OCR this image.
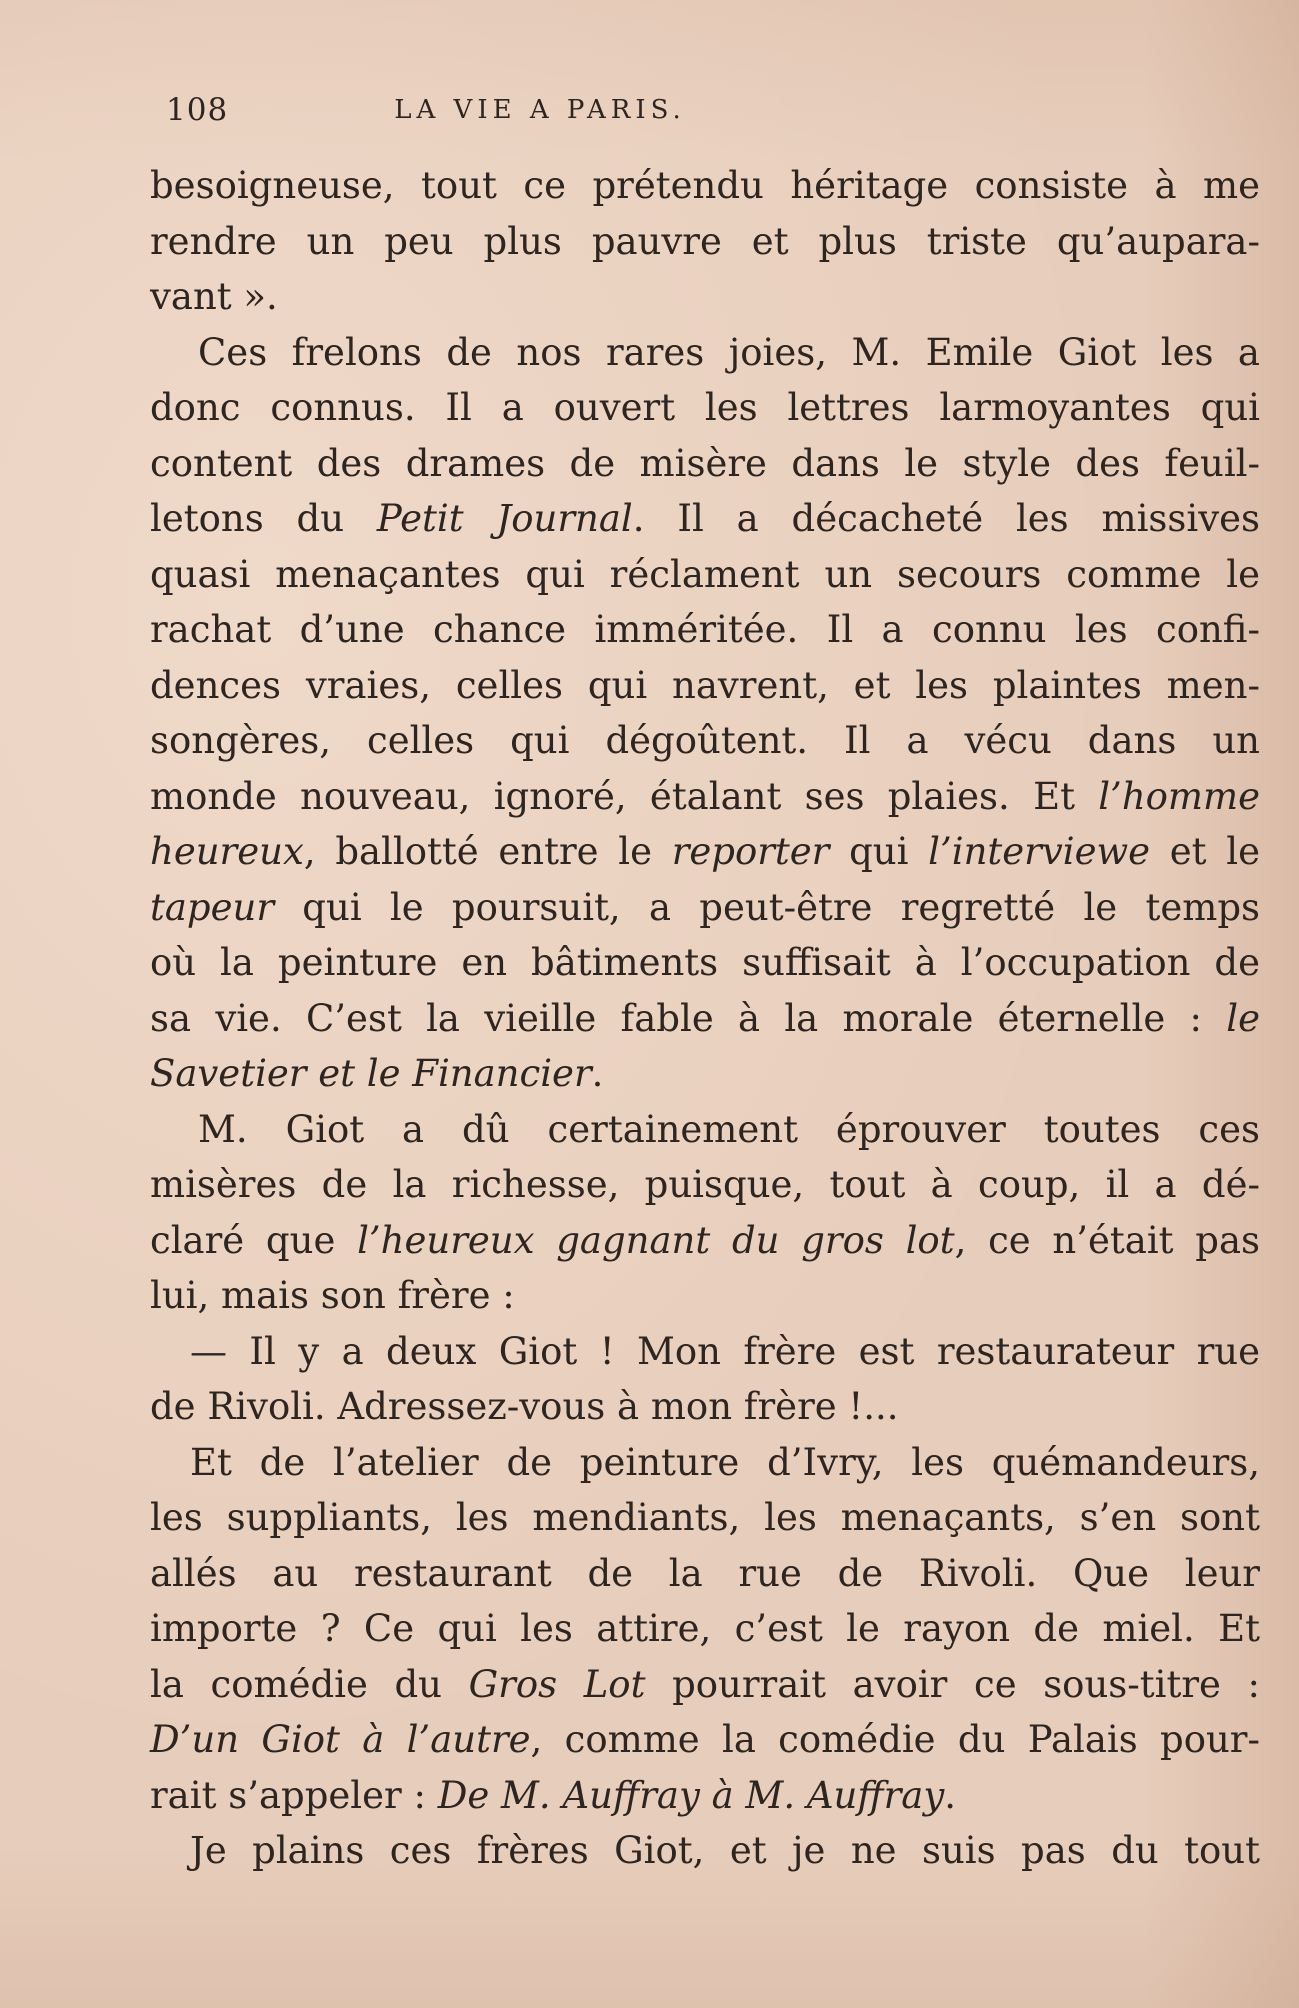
108	LA VIE A PARIS.
besoigneuse, tout ce prétendu héritage consiste à me
rendre un peu plus pauvre et plus triste qu’aupara-
vant ».
Ces frelons de nos rares joies, M. Emile Giot les a
donc connus. Il a ouvert les lettres larmoyantes qui
content des drames de misère dans le style des feuil-
letons du Petit Journal. Il a décacheté les missives
quasi menaçantes qui réclament un secours comme le
rachat d’une chance imméritée. Il a connu les confi-
dences vraies, celles qui navrent, et les plaintes men-
songères, celles qui dégoûtent. Il a vécu dans un
monde nouveau, ignoré, étalant ses plaies. Et l’homme
heureux, ballotté entre le reporter qui l’interviewe et le
tapeur qui le poursuit, a peut-être regretté le temps
où la peinture en bâtiments suffisait à l’occupation de
sa vie. C’est la vieille fable à la morale éternelle : le
Savetier et le Financier.
M. Giot a dû certainement éprouver toutes ces
misères de la richesse, puisque, tout à coup, il a dé-
claré que l’heureux gagnant du gros lot, ce n’était pas
lui, mais son frère :
— Il y a deux Giot ! Mon frère est restaurateur rue
de Rivoli. Adressez-vous à mon frère !...
Et de l’atelier de peinture d’Ivry, les quémandeurs,
les suppliants, les mendiants, les menaçants, s’en sont
allés au restaurant de la rue de Rivoli. Que leur
importe ? Ce qui les attire, c’est le rayon de miel. Et
la comédie du Gros Lot pourrait avoir ce sous-titre :
D’un Giot à l’autre, comme la comédie du Palais pour-
rait s’appeler : De M. Auffray à M. Auffray.
Je plains ces frères Giot, et je ne suis pas du tout
